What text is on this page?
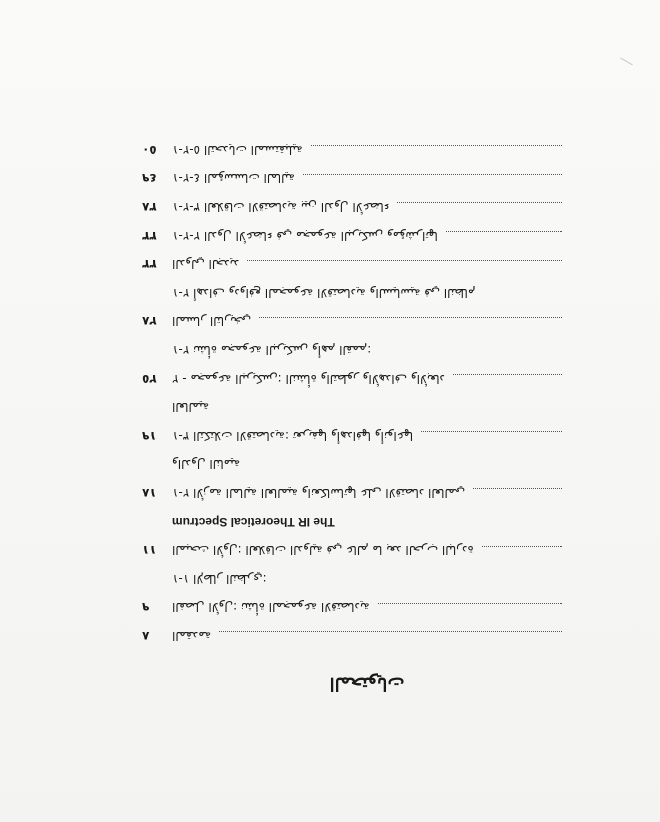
المحتويات
٨	المقدمة
٩	الفصل الأول: نشأة المجموعة الاقتصادية
١-١ الإطار النظري:
١١	المبحث الأول: العلاقات الدولية في عالم ما بعد الحرب الباردة
The IR Theoretical Spectrum
١٨	١-٢ الأزمة المالية العالمية وانعكاساتها على الاقتصاد العالمي
والدول النامية
١٩	١-٣ التكتلات الاقتصادية: تعريفها وأهدافها وأنواعها
العالمية
٢٥	٢ - مجموعة البريكس: النشأة والتطور والأهداف والأبعاد
١-٢ نشأة مجموعة البريكس وأهم القمم:
٢٨	المسار التاريخي
١-٢ أهداف ودوافع المجموعة الاقتصادية والسياسية في النظام
٣٣	الدولي الجديد
٣٣	١-٢-٢ الدول الأعضاء في مجموعة البريكس ومؤشراتها
٣٨	١-٢-٣ العلاقات الاقتصادية بين الدول الأعضاء
٤٩	١-٢-٤ المؤسسات المالية
٥٠	١-٢-٥ التحديات المستقبلية
